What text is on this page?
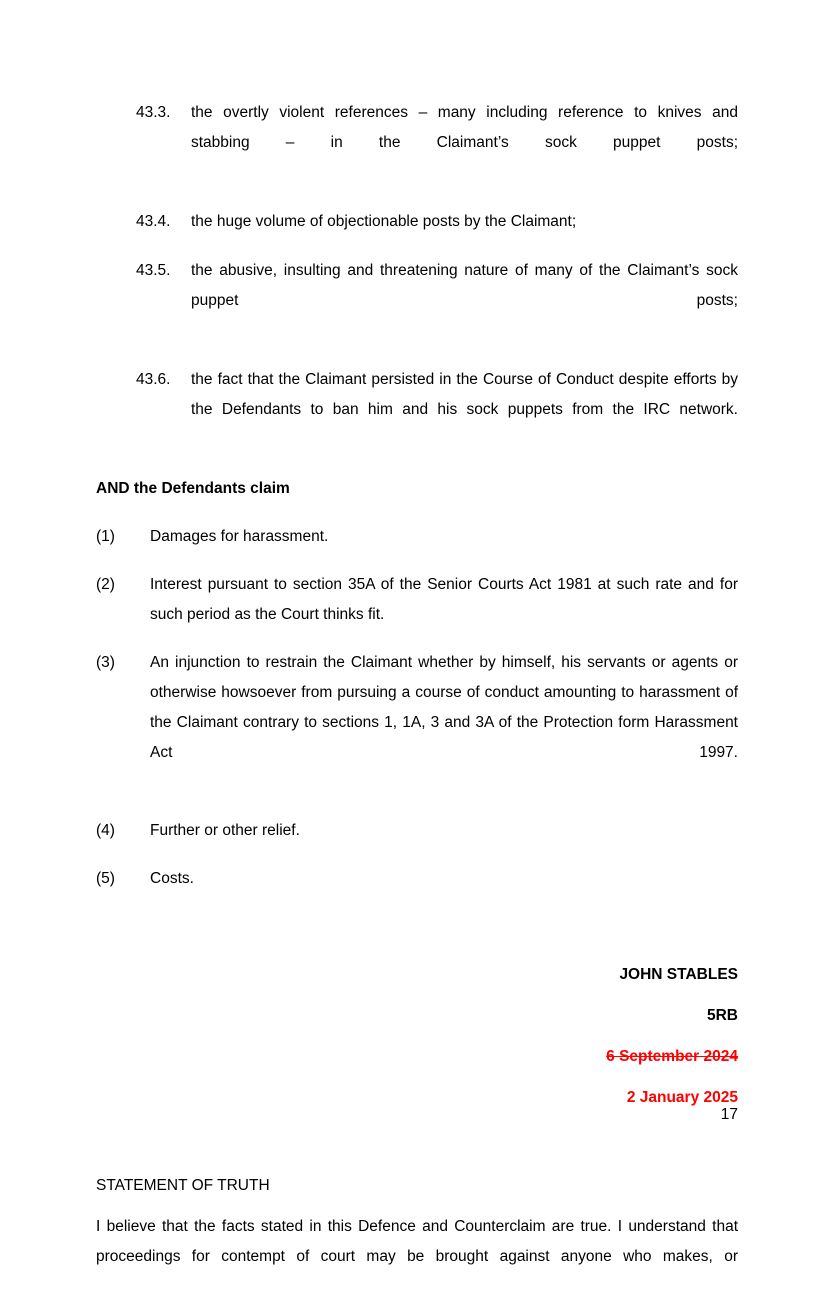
43.3.	the overtly violent references – many including reference to knives and stabbing – in the Claimant’s sock puppet posts;
43.4.	the huge volume of objectionable posts by the Claimant;
43.5.	the abusive, insulting and threatening nature of many of the Claimant’s sock puppet posts;
43.6.	the fact that the Claimant persisted in the Course of Conduct despite efforts by the Defendants to ban him and his sock puppets from the IRC network.
AND the Defendants claim
(1)	Damages for harassment.
(2)	Interest pursuant to section 35A of the Senior Courts Act 1981 at such rate and for such period as the Court thinks fit.
(3)	An injunction to restrain the Claimant whether by himself, his servants or agents or otherwise howsoever from pursuing a course of conduct amounting to harassment of the Claimant contrary to sections 1, 1A, 3 and 3A of the Protection form Harassment Act 1997.
(4)	Further or other relief.
(5)	Costs.
JOHN STABLES
5RB
6 September 2024
2 January 2025
STATEMENT OF TRUTH
I believe that the facts stated in this Defence and Counterclaim are true. I understand that proceedings for contempt of court may be brought against anyone who makes, or
17
